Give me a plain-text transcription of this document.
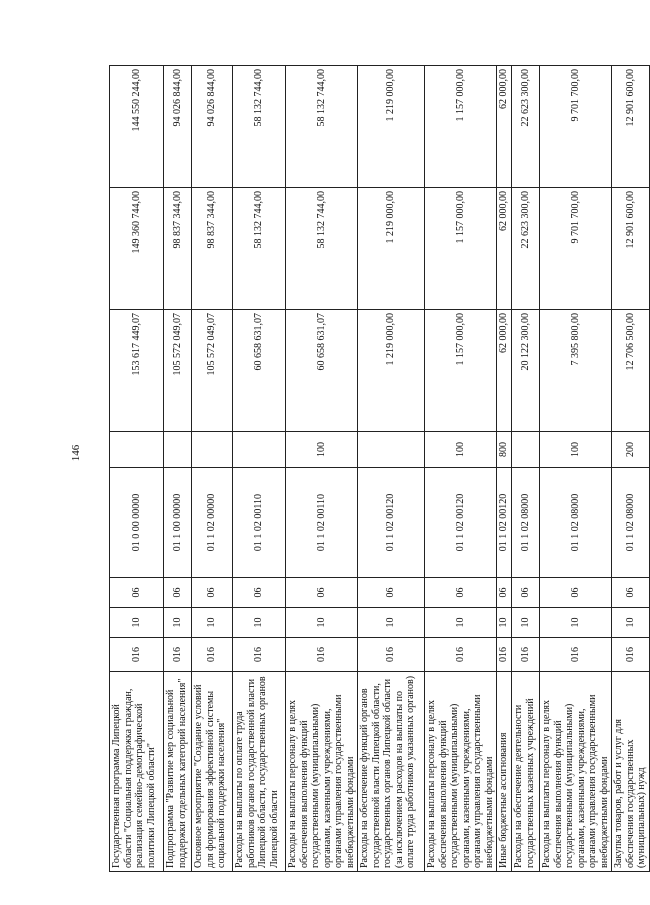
146
Государственная программа Липецкой области "Социальная поддержка граждан, реализация семейно-демографической политики Липецкой области"	016	10	06	01 0 00 00000		153 617 449,07	149 360 744,00	144 550 244,00
Подпрограмма "Развитие мер социальной поддержки отдельных категорий населения"	016	10	06	01 1 00 00000		105 572 049,07	98 837 344,00	94 026 844,00
Основное мероприятие "Создание условий для формирования эффективной системы социальной поддержки населения"	016	10	06	01 1 02 00000		105 572 049,07	98 837 344,00	94 026 844,00
Расходы на выплаты по оплате труда работников органов государственной власти Липецкой области, государственных органов Липецкой области	016	10	06	01 1 02 00110		60 658 631,07	58 132 744,00	58 132 744,00
Расходы на выплаты персоналу в целях обеспечения выполнения функций государственными (муниципальными) органами, казенными учреждениями, органами управления государственными внебюджетными фондами	016	10	06	01 1 02 00110	100	60 658 631,07	58 132 744,00	58 132 744,00
Расходы на обеспечение функций органов государственной власти Липецкой области, государственных органов Липецкой области (за исключением расходов на выплаты по оплате труда работников указанных органов)	016	10	06	01 1 02 00120		1 219 000,00	1 219 000,00	1 219 000,00
Расходы на выплаты персоналу в целях обеспечения выполнения функций государственными (муниципальными) органами, казенными учреждениями, органами управления государственными внебюджетными фондами	016	10	06	01 1 02 00120	100	1 157 000,00	1 157 000,00	1 157 000,00
Иные бюджетные ассигнования	016	10	06	01 1 02 00120	800	62 000,00	62 000,00	62 000,00
Расходы на обеспечение деятельности государственных казенных учреждений	016	10	06	01 1 02 08000		20 122 300,00	22 623 300,00	22 623 300,00
Расходы на выплаты персоналу в целях обеспечения выполнения функций государственными (муниципальными) органами, казенными учреждениями, органами управления государственными внебюджетными фондами	016	10	06	01 1 02 08000	100	7 395 800,00	9 701 700,00	9 701 700,00
Закупка товаров, работ и услуг для обеспечения государственных (муниципальных) нужд	016	10	06	01 1 02 08000	200	12 706 500,00	12 901 600,00	12 901 600,00
